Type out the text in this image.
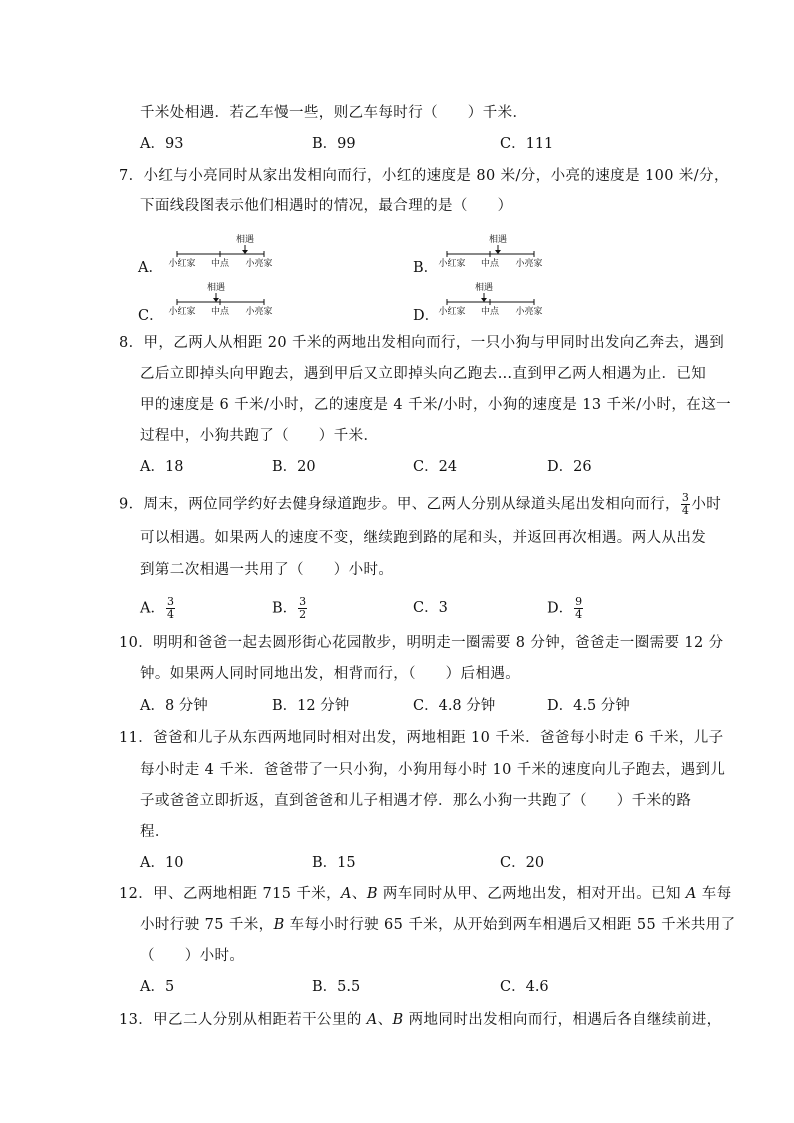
千米处相遇．若乙车慢一些，则乙车每时行（　　）千米．
A．93	B．99	C．111
7．小红与小亮同时从家出发相向而行，小红的速度是 80 米/分，小亮的速度是 100 米/分，
下面线段图表示他们相遇时的情况，最合理的是（　　）
A．
相遇
小红家 中点 小亮家	B．
相遇
小红家 中点 小亮家
C．
相遇
小红家 中点 小亮家	D．
相遇
小红家 中点 小亮家
8．甲，乙两人从相距 20 千米的两地出发相向而行，一只小狗与甲同时出发向乙奔去，遇到
乙后立即掉头向甲跑去，遇到甲后又立即掉头向乙跑去…直到甲乙两人相遇为止．已知
甲的速度是 6 千米/小时，乙的速度是 4 千米/小时，小狗的速度是 13 千米/小时，在这一
过程中，小狗共跑了（　　）千米．
A．18	B．20	C．24	D．26
9．周末，两位同学约好去健身绿道跑步。甲、乙两人分别从绿道头尾出发相向而行， $\frac{3}{4}$ 小时
可以相遇。如果两人的速度不变，继续跑到路的尾和头，并返回再次相遇。两人从出发
到第二次相遇一共用了（　　）小时。
A． $\frac{3}{4}$	B． $\frac{3}{2}$	C．3	D． $\frac{9}{4}$
10．明明和爸爸一起去圆形街心花园散步，明明走一圈需要 8 分钟，爸爸走一圈需要 12 分
钟。如果两人同时同地出发，相背而行，（　　）后相遇。
A．8 分钟	B．12 分钟	C．4.8 分钟	D．4.5 分钟
11．爸爸和儿子从东西两地同时相对出发，两地相距 10 千米．爸爸每小时走 6 千米，儿子
每小时走 4 千米．爸爸带了一只小狗，小狗用每小时 10 千米的速度向儿子跑去，遇到儿
子或爸爸立即折返，直到爸爸和儿子相遇才停．那么小狗一共跑了（　　）千米的路
程．
A．10	B．15	C．20
12．甲、乙两地相距 715 千米，A、B 两车同时从甲、乙两地出发，相对开出。已知 A 车每
小时行驶 75 千米，B 车每小时行驶 65 千米，从开始到两车相遇后又相距 55 千米共用了
（　　）小时。
A．5	B．5.5	C．4.6
13．甲乙二人分别从相距若干公里的 A、B 两地同时出发相向而行，相遇后各自继续前进，
